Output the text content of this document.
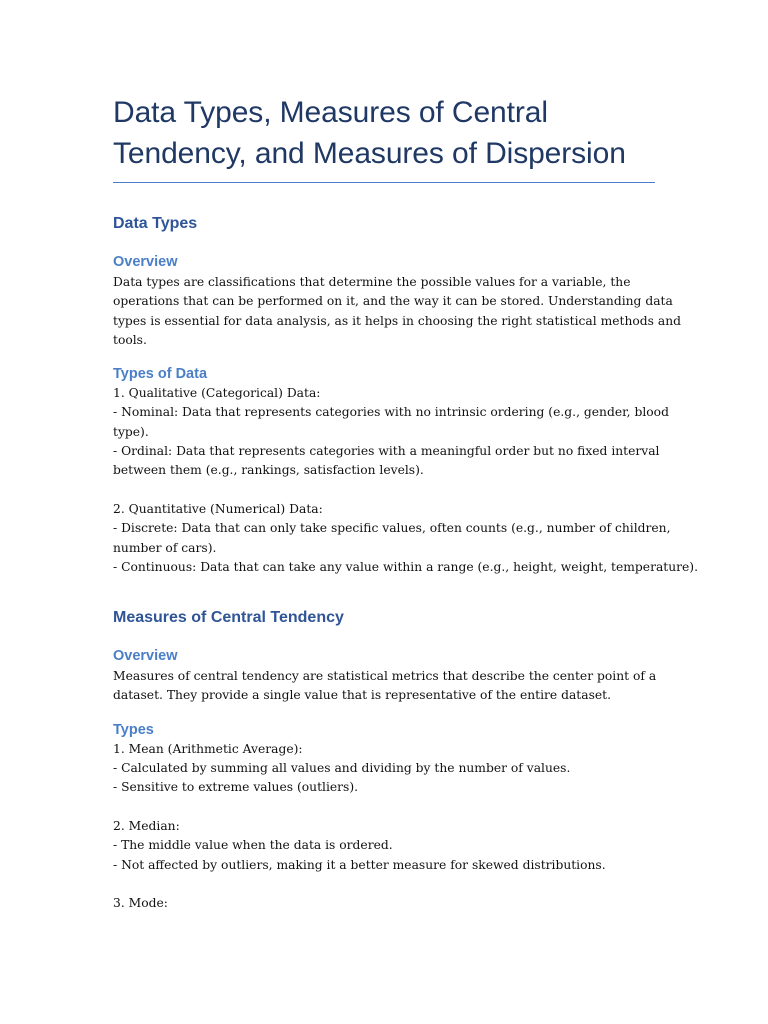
Data Types, Measures of Central
Tendency, and Measures of Dispersion
Data Types
Overview

Data types are classifications that determine the possible values for a variable, the
operations that can be performed on it, and the way it can be stored. Understanding data
types is essential for data analysis, as it helps in choosing the right statistical methods and
tools.

Types of Data

1. Qualitative (Categorical) Data:
- Nominal: Data that represents categories with no intrinsic ordering (e.g., gender, blood
type).
- Ordinal: Data that represents categories with a meaningful order but no fixed interval
between them (e.g., rankings, satisfaction levels).
2. Quantitative (Numerical) Data:
- Discrete: Data that can only take specific values, often counts (e.g., number of children,
number of cars).
- Continuous: Data that can take any value within a range (e.g., height, weight, temperature).

Measures of Central Tendency
Overview

Measures of central tendency are statistical metrics that describe the center point of a
dataset. They provide a single value that is representative of the entire dataset.

Types

1. Mean (Arithmetic Average):
- Calculated by summing all values and dividing by the number of values.
- Sensitive to extreme values (outliers).
2. Median:
- The middle value when the data is ordered.
- Not affected by outliers, making it a better measure for skewed distributions.
3. Mode:
